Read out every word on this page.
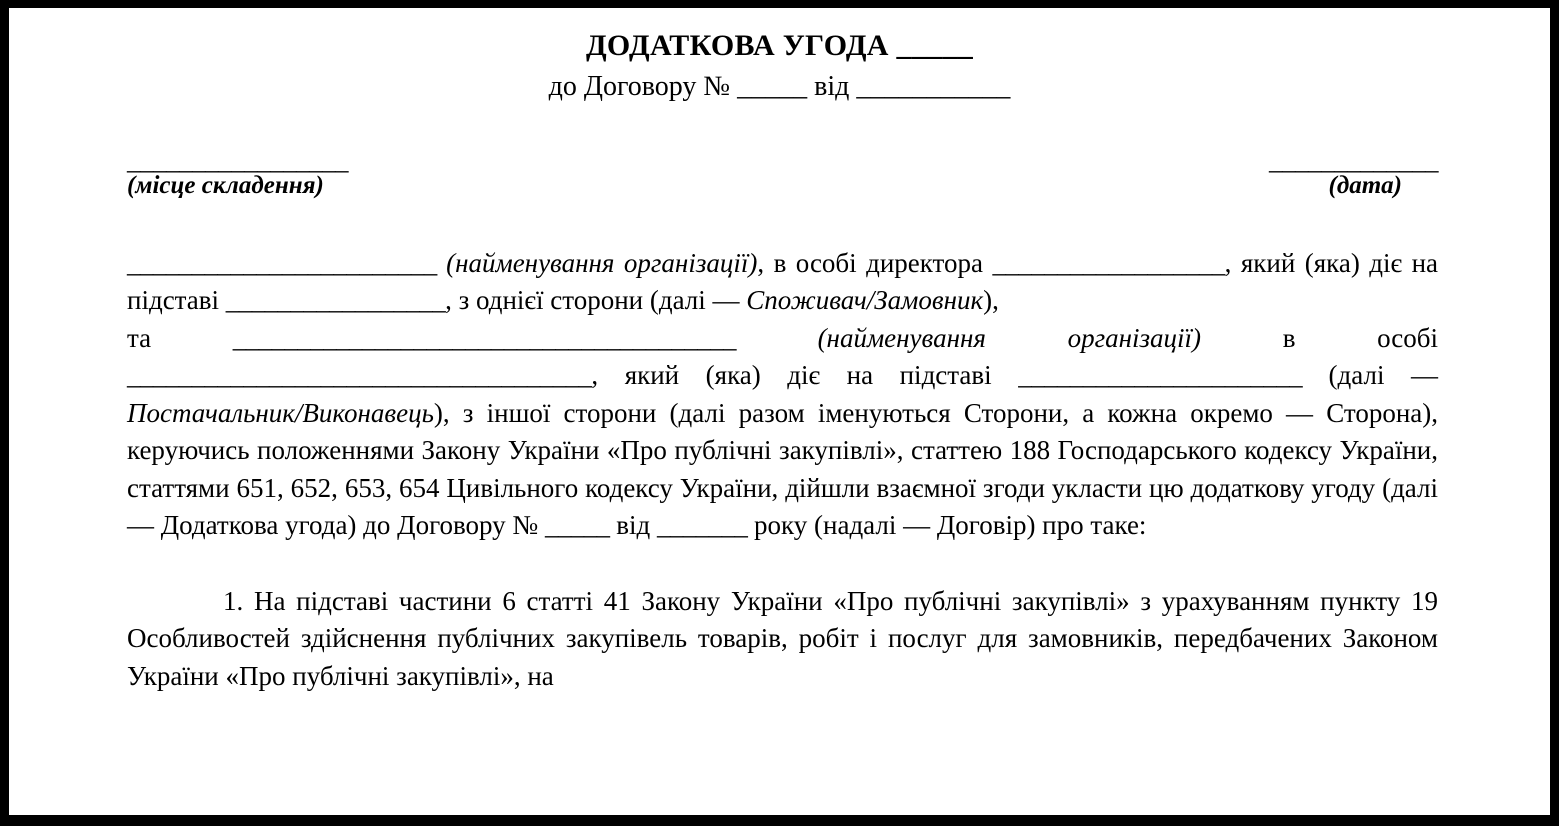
ДОДАТКОВА УГОДА _____
до Договору № _____ від ___________
_________________
(місце складення)
_____________
(дата)

________________________ (найменування організації), в особі директора __________________, який (яка) діє на підставі _________________, з однієї сторони (далі — Споживач/Замовник),

та _______________________________________	(найменування організації) в особі ____________________________________, який (яка) діє на підставі ______________________ (далі — Постачальник/Виконавець), з іншої сторони (далі разом іменуються Сторони, а кожна окремо — Сторона), керуючись положеннями Закону України «Про публічні закупівлі», статтею 188 Господарського кодексу України, статтями 651, 652, 653, 654 Цивільного кодексу України, дійшли взаємної згоди укласти цю додаткову угоду (далі — Додаткова угода) до Договору № _____ від _______ року (надалі — Договір) про таке:

1. На підставі частини 6 статті 41 Закону України «Про публічні закупівлі» з урахуванням пункту 19 Особливостей здійснення публічних закупівель товарів, робіт і послуг для замовників, передбачених Законом України «Про публічні закупівлі», на
